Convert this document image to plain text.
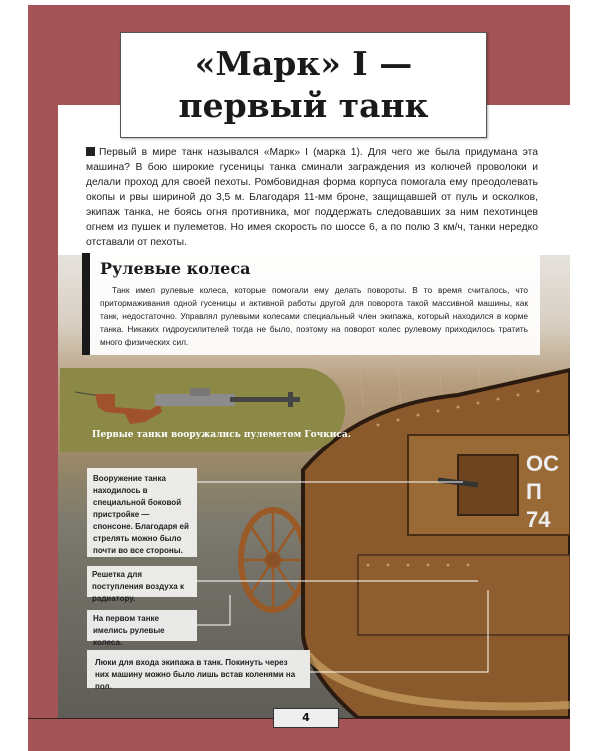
ОС
П
74
«Марк» I —
первый танк
Первый в мире танк назывался «Марк» I (марка 1). Для чего же была придумана эта машина? В бою широкие гусеницы танка сминали заграждения из колючей проволоки и делали проход для своей пехоты. Ромбовидная форма корпуса помогала ему преодолевать окопы и рвы шириной до 3,5 м. Благодаря 11-мм броне, защищавшей от пуль и осколков, экипаж танка, не боясь огня противника, мог поддержать следовавших за ним пехотинцев огнем из пушек и пулеметов. Но имея скорость по шоссе 6, а по полю 3 км/ч, танки нередко отставали от пехоты.
Рулевые колеса
Танк имел рулевые колеса, которые помогали ему делать повороты. В то время считалось, что притормаживания одной гусеницы и активной работы другой для поворота такой массивной машины, как танк, недостаточно. Управлял рулевыми колесами специальный член экипажа, который находился в корме танка. Никаких гидроусилителей тогда не было, поэтому на поворот колес рулевому приходилось тратить много физических сил.
Первые танки вооружались пулеметом Гочкиса.
Вооружение танка находилось в специальной боковой пристройке — спонсоне. Благодаря ей стрелять можно было почти во все стороны.
Решетка для поступления воздуха к радиатору.
На первом танке имелись рулевые колеса.
Люки для входа экипажа в танк. Покинуть через них машину можно было лишь встав коленями на пол.
4
